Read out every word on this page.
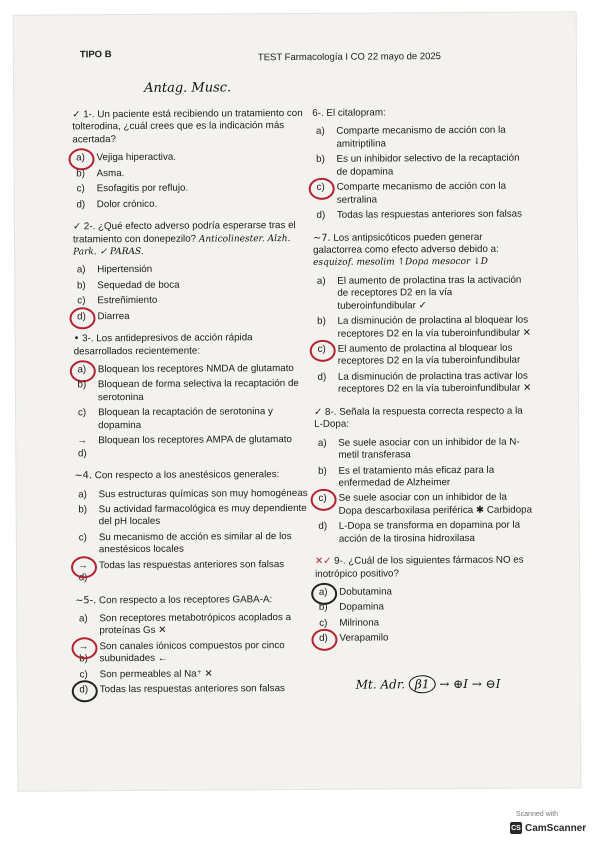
TIPO B	TEST Farmacología I CO 22 mayo de 2025
Antag. Musc.
✓ 1-. Un paciente está recibiendo un tratamiento con tolterodina, ¿cuál crees que es la indicación más acertada?
a)	Vejiga hiperactiva.
b)	Asma.
c)	Esofagitis por reflujo.
d)	Dolor crónico.
✓ 2-. ¿Qué efecto adverso podría esperarse tras el tratamiento con donepezilo? Anticolinester. Alzh. Park. ✓ PARAS.
a)	Hipertensión
b)	Sequedad de boca
c)	Estreñimiento
d)	Diarrea
• 3-. Los antidepresivos de acción rápida desarrollados recientemente:
a)	Bloquean los receptores NMDA de glutamato
b)	Bloquean de forma selectiva la recaptación de serotonina
c)	Bloquean la recaptación de serotonina y dopamina
→ d)
Bloquean los receptores AMPA de glutamato
~4. Con respecto a los anestésicos generales:
a)	Sus estructuras químicas son muy homogéneas
b)	Su actividad farmacológica es muy dependiente del pH locales
c)	Su mecanismo de acción es similar al de los anestésicos locales
→ d)
Todas las respuestas anteriores son falsas
~5-. Con respecto a los receptores GABA-A:
a)	Son receptores metabotrópicos acoplados a proteínas Gs ✕
→ b)
Son canales iónicos compuestos por cinco subunidades ←
c)	Son permeables al Na⁺ ✕
d)	Todas las respuestas anteriores son falsas
6-. El citalopram:
a)	Comparte mecanismo de acción con la amitriptilina
b)	Es un inhibidor selectivo de la recaptación de dopamina
c)	Comparte mecanismo de acción con la sertralina
d)	Todas las respuestas anteriores son falsas
~7. Los antipsicóticos pueden generar galactorrea como efecto adverso debido a: esquizof. mesolim ↑Dopa mesocor ↓D
a)	El aumento de prolactina tras la activación de receptores D2 en la vía tuberoinfundibular ✓
b)	La disminución de prolactina al bloquear los receptores D2 en la vía tuberoinfundibular ✕
c)	El aumento de prolactina al bloquear los receptores D2 en la vía tuberoinfundibular
d)	La disminución de prolactina tras activar los receptores D2 en la vía tuberoinfundibular ✕
✓ 8-. Señala la respuesta correcta respecto a la L-Dopa:
a)	Se suele asociar con un inhibidor de la N-metil transferasa
b)	Es el tratamiento más eficaz para la enfermedad de Alzheimer
c)	Se suele asociar con un inhibidor de la Dopa descarboxilasa periférica ✱ Carbidopa
d)	L-Dopa se transforma en dopamina por la acción de la tirosina hidroxilasa
✕✓ 9-. ¿Cuál de los siguientes fármacos NO es inotrópico positivo?
a)	Dobutamina
b)	Dopamina
c)	Milrinona
d)	Verapamilo
Mt. Adr. β1 → ⊕I → ⊖I
Scanned with
CS CamScanner
